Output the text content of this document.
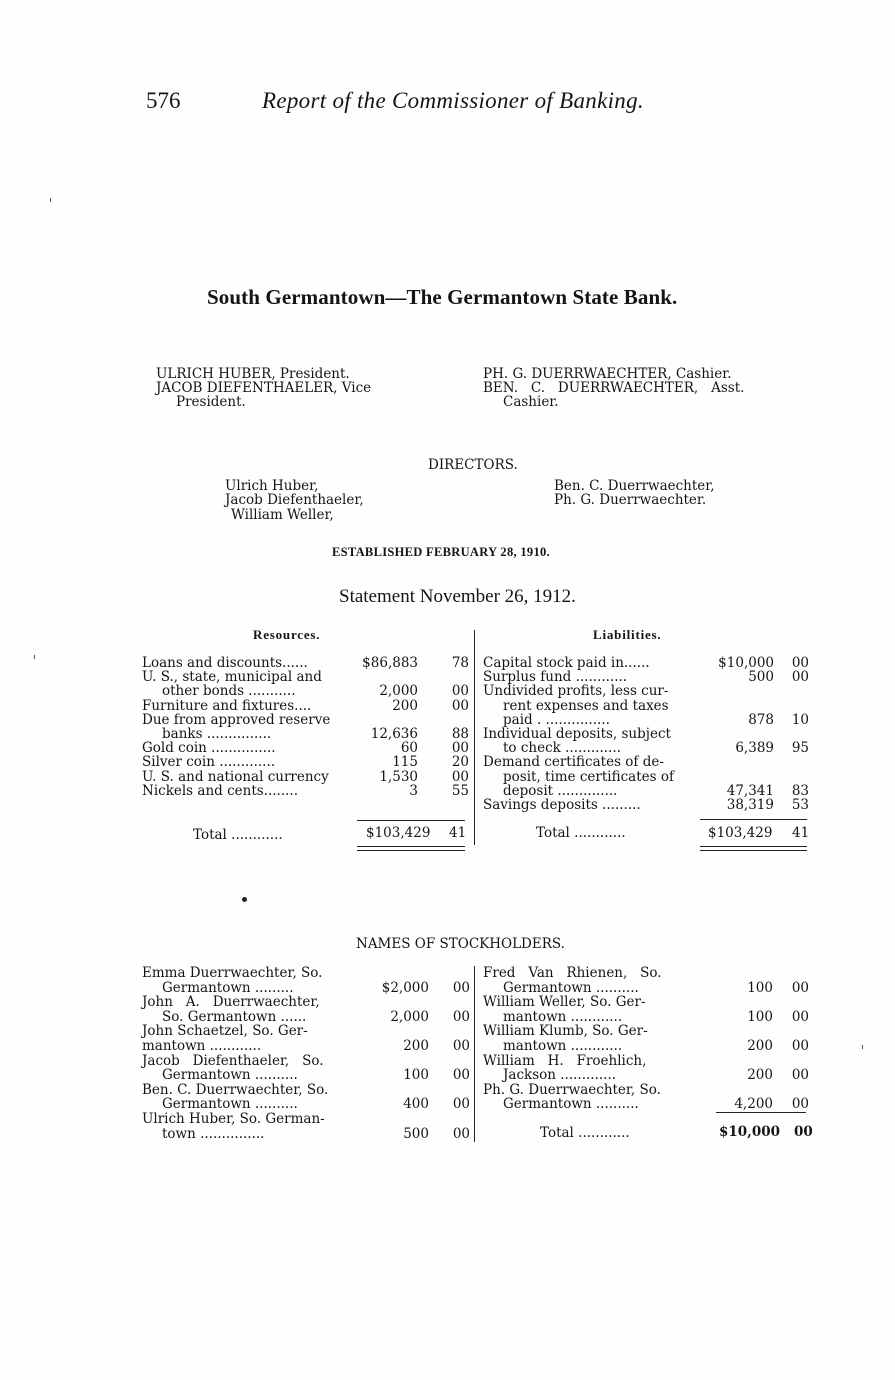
576	Report of the Commissioner of Banking.
South Germantown—The Germantown State Bank.
ULRICH HUBER, President.
JACOB DIEFENTHAELER, Vice
President.
PH. G. DUERRWAECHTER, Cashier.
BEN.   C.   DUERRWAECHTER,   Asst.
Cashier.
DIRECTORS.
Ulrich Huber,
Jacob Diefenthaeler,
William Weller,
Ben. C. Duerrwaechter,
Ph. G. Duerrwaechter.
ESTABLISHED FEBRUARY 28, 1910.
Statement November 26, 1912.
Resources.	Liabilities.
Loans and discounts......	$86,883	78
U. S., state, municipal and
other bonds ...........	2,000	00
Furniture and fixtures....	200	00
Due from approved reserve
banks ...............	12,636	88
Gold coin ...............	60	00
Silver coin .............	115	20
U. S. and national currency	1,530	00
Nickels and cents........	3	55
Total ............	$103,429 41
Capital stock paid in......	$10,000 00
Surplus fund ............	500 00
Undivided profits, less cur-
rent expenses and taxes
paid . ...............	878 10
Individual deposits, subject
to check .............	6,389 95
Demand certificates of de-
posit, time certificates of
deposit ..............	47,341 83
Savings deposits .........	38,319 53
Total ............	$103,429 41
NAMES OF STOCKHOLDERS.
Emma Duerrwaechter, So.
Germantown .........	$2,000 00
John   A.   Duerrwaechter,
So. Germantown ......	2,000 00
John Schaetzel, So. Ger-
mantown ............	200 00
Jacob   Diefenthaeler,   So.
Germantown ..........	100 00
Ben. C. Duerrwaechter, So.
Germantown ..........	400 00
Ulrich Huber, So. German-
town ...............	500 00
Fred   Van   Rhienen,   So.
Germantown ..........	100 00
William Weller, So. Ger-
mantown ............	100 00
William Klumb, So. Ger-
mantown ............	200 00
William   H.   Froehlich,
Jackson .............	200 00
Ph. G. Duerrwaechter, So.
Germantown ..........	4,200 00
Total ............	$10,000 00
